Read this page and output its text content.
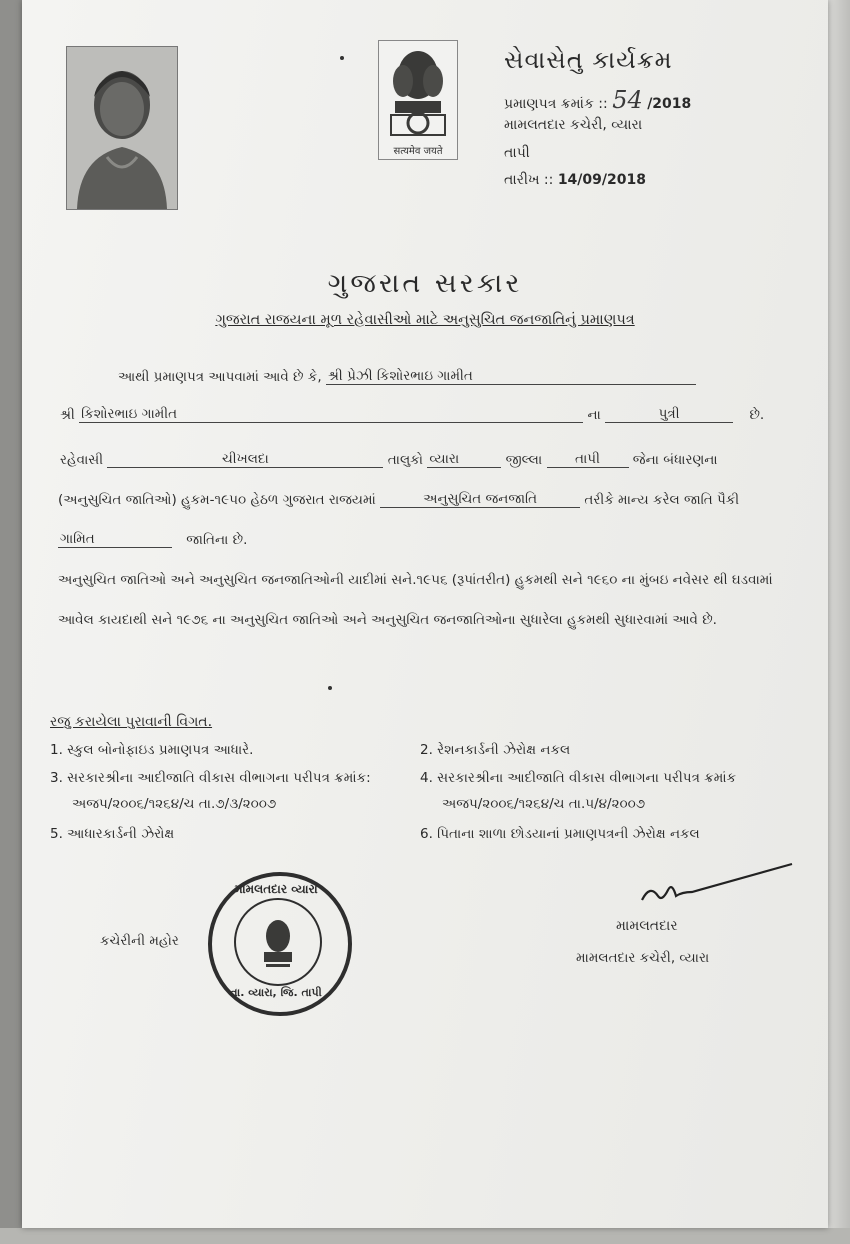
सत्यमेव जयते
સેવાસેતુ કાર્યક્રમ
પ્રમાણપત્ર ક્રમાંક :: 54 /2018
મામલતદાર કચેરી, વ્યારા
તાપી
તારીખ :: 14/09/2018
ગુજરાત સરકાર
ગુજરાત રાજયના મૂળ રહેવાસીઓ માટે અનુસુચિત જનજાતિનું પ્રમાણપત્ર
આથી પ્રમાણપત્ર આપવામાં આવે છે કે, શ્રી પ્રેઝી કિશોરભાઇ ગામીત
શ્રી કિશોરભાઇ ગામીત	ના	પુત્રી	છે.
રહેવાસી	ચીખલદા	તાલુકો વ્યારા	જીલ્લા તાપી જેના બંધારણના
(અનુસુચિત જાતિઓ) હુકમ-૧૯૫૦ હેઠળ ગુજરાત રાજયમાં	અનુસુચિત જનજાતિ	તરીકે માન્ય કરેલ જાતિ પૈકી
ગામિત	જાતિના છે.
અનુસુચિત જાતિઓ અને અનુસુચિત જનજાતિઓની યાદીમાં સને.૧૯૫૬ (રૂપાંતરીત) હુકમથી સને ૧૯૬૦ ના મુંબઇ નવેસર થી ઘડવામાં આવેલ કાયદાથી સને ૧૯૭૬ ના અનુસુચિત જાતિઓ અને અનુસુચિત જનજાતિઓના સુધારેલા હુકમથી સુધારવામાં આવે છે.
રજુ કરાયેલા પુરાવાની વિગત.
1. સ્કુલ બોનોફાઇડ પ્રમાણપત્ર આધારે.	2. રેશનકાર્ડની ઝેરોક્ષ નકલ
3. સરકારશ્રીના આદીજાતિ વીકાસ વીભાગના પરીપત્ર ક્રમાંક:
અજપ/૨૦૦૬/૧૨૬૪/ચ તા.૭/૩/૨૦૦૭
4. સરકારશ્રીના આદીજાતિ વીકાસ વીભાગના પરીપત્ર ક્રમાંક
અજપ/૨૦૦૬/૧૨૬૪/ચ તા.૫/૪/૨૦૦૭
5. આધારકાર્ડની ઝેરોક્ષ	6. પિતાના શાળા છોડયાનાં પ્રમાણપત્રની ઝેરોક્ષ નકલ
કચેરીની મહોર
મામલતદાર વ્યારા
તા. વ્યારા, જિ. તાપી
મામલતદાર
મામલતદાર કચેરી, વ્યારા
